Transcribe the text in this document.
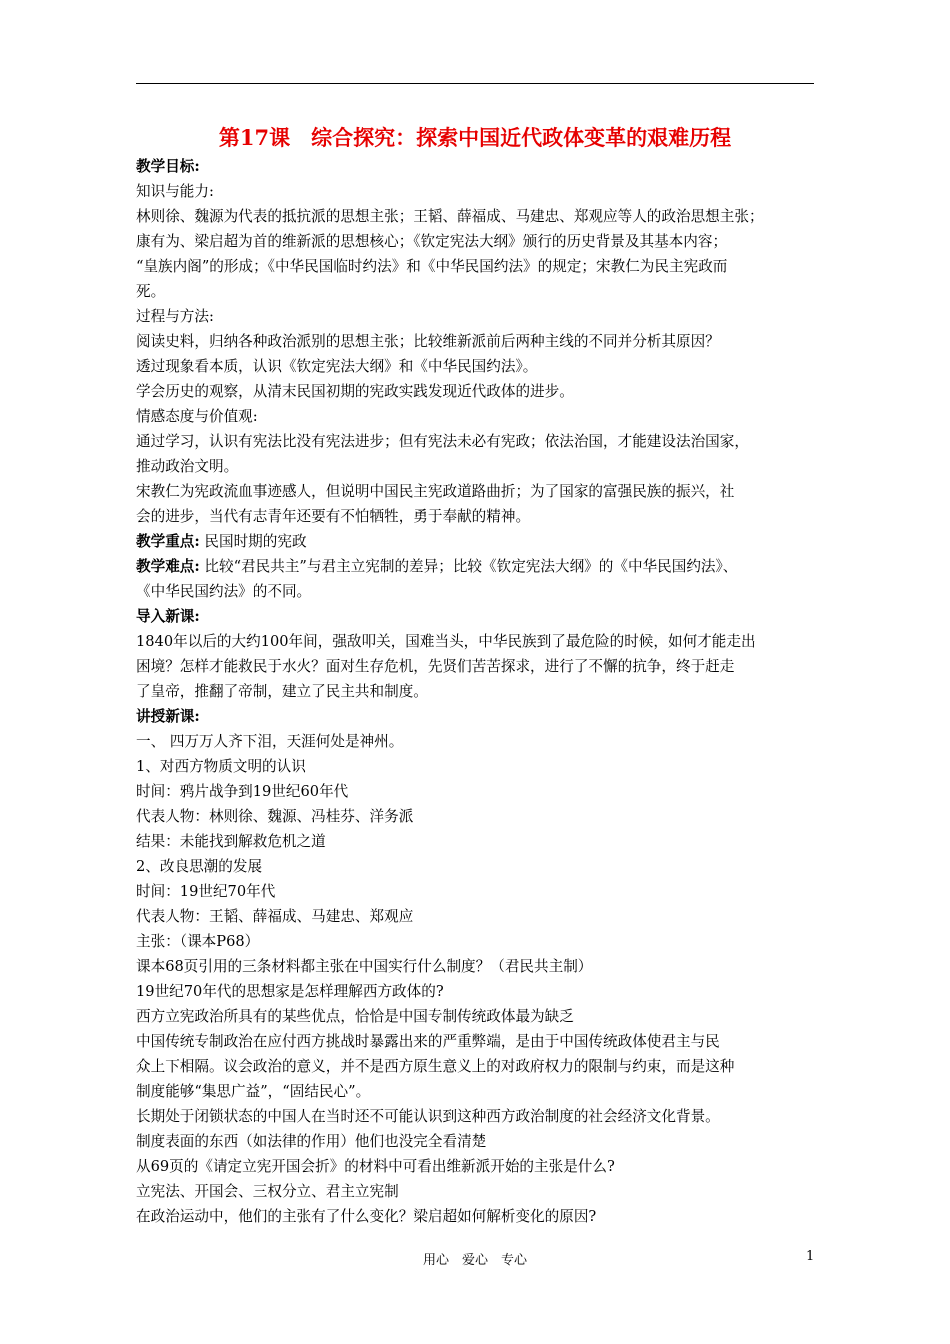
第17课　综合探究：探索中国近代政体变革的艰难历程
教学目标:
知识与能力:
林则徐、魏源为代表的抵抗派的思想主张；王韬、薛福成、马建忠、郑观应等人的政治思想主张；
康有为、梁启超为首的维新派的思想核心；《钦定宪法大纲》颁行的历史背景及其基本内容；
“皇族内阁”的形成；《中华民国临时约法》和《中华民国约法》的规定；宋教仁为民主宪政而
死。
过程与方法:
阅读史料，归纳各种政治派别的思想主张；比较维新派前后两种主线的不同并分析其原因？
透过现象看本质，认识《钦定宪法大纲》和《中华民国约法》。
学会历史的观察，从清末民国初期的宪政实践发现近代政体的进步。
情感态度与价值观:
通过学习，认识有宪法比没有宪法进步；但有宪法未必有宪政；依法治国，才能建设法治国家，
推动政治文明。
宋教仁为宪政流血事迹感人，但说明中国民主宪政道路曲折；为了国家的富强民族的振兴，社
会的进步，当代有志青年还要有不怕牺牲，勇于奉献的精神。
教学重点: 民国时期的宪政
教学难点: 比较“君民共主”与君主立宪制的差异；比较《钦定宪法大纲》的《中华民国约法》、
《中华民国约法》的不同。
导入新课:
1840年以后的大约100年间，强敌叩关，国难当头，中华民族到了最危险的时候，如何才能走出
困境？怎样才能救民于水火？面对生存危机，先贤们苦苦探求，进行了不懈的抗争，终于赶走
了皇帝，推翻了帝制，建立了民主共和制度。
讲授新课:
一、 四万万人齐下泪，天涯何处是神州。
1、对西方物质文明的认识
时间：鸦片战争到19世纪60年代
代表人物：林则徐、魏源、冯桂芬、洋务派
结果：未能找到解救危机之道
2、改良思潮的发展
时间：19世纪70年代
代表人物：王韬、薛福成、马建忠、郑观应
主张：（课本P68）
课本68页引用的三条材料都主张在中国实行什么制度？（君民共主制）
19世纪70年代的思想家是怎样理解西方政体的?
西方立宪政治所具有的某些优点，恰恰是中国专制传统政体最为缺乏
中国传统专制政治在应付西方挑战时暴露出来的严重弊端，是由于中国传统政体使君主与民
众上下相隔。议会政治的意义，并不是西方原生意义上的对政府权力的限制与约束，而是这种
制度能够“集思广益”，“固结民心”。
长期处于闭锁状态的中国人在当时还不可能认识到这种西方政治制度的社会经济文化背景。
制度表面的东西（如法律的作用）他们也没完全看清楚
从69页的《请定立宪开国会折》的材料中可看出维新派开始的主张是什么?
立宪法、开国会、三权分立、君主立宪制
在政治运动中，他们的主张有了什么变化？梁启超如何解析变化的原因?
用心　爱心　专心	1
